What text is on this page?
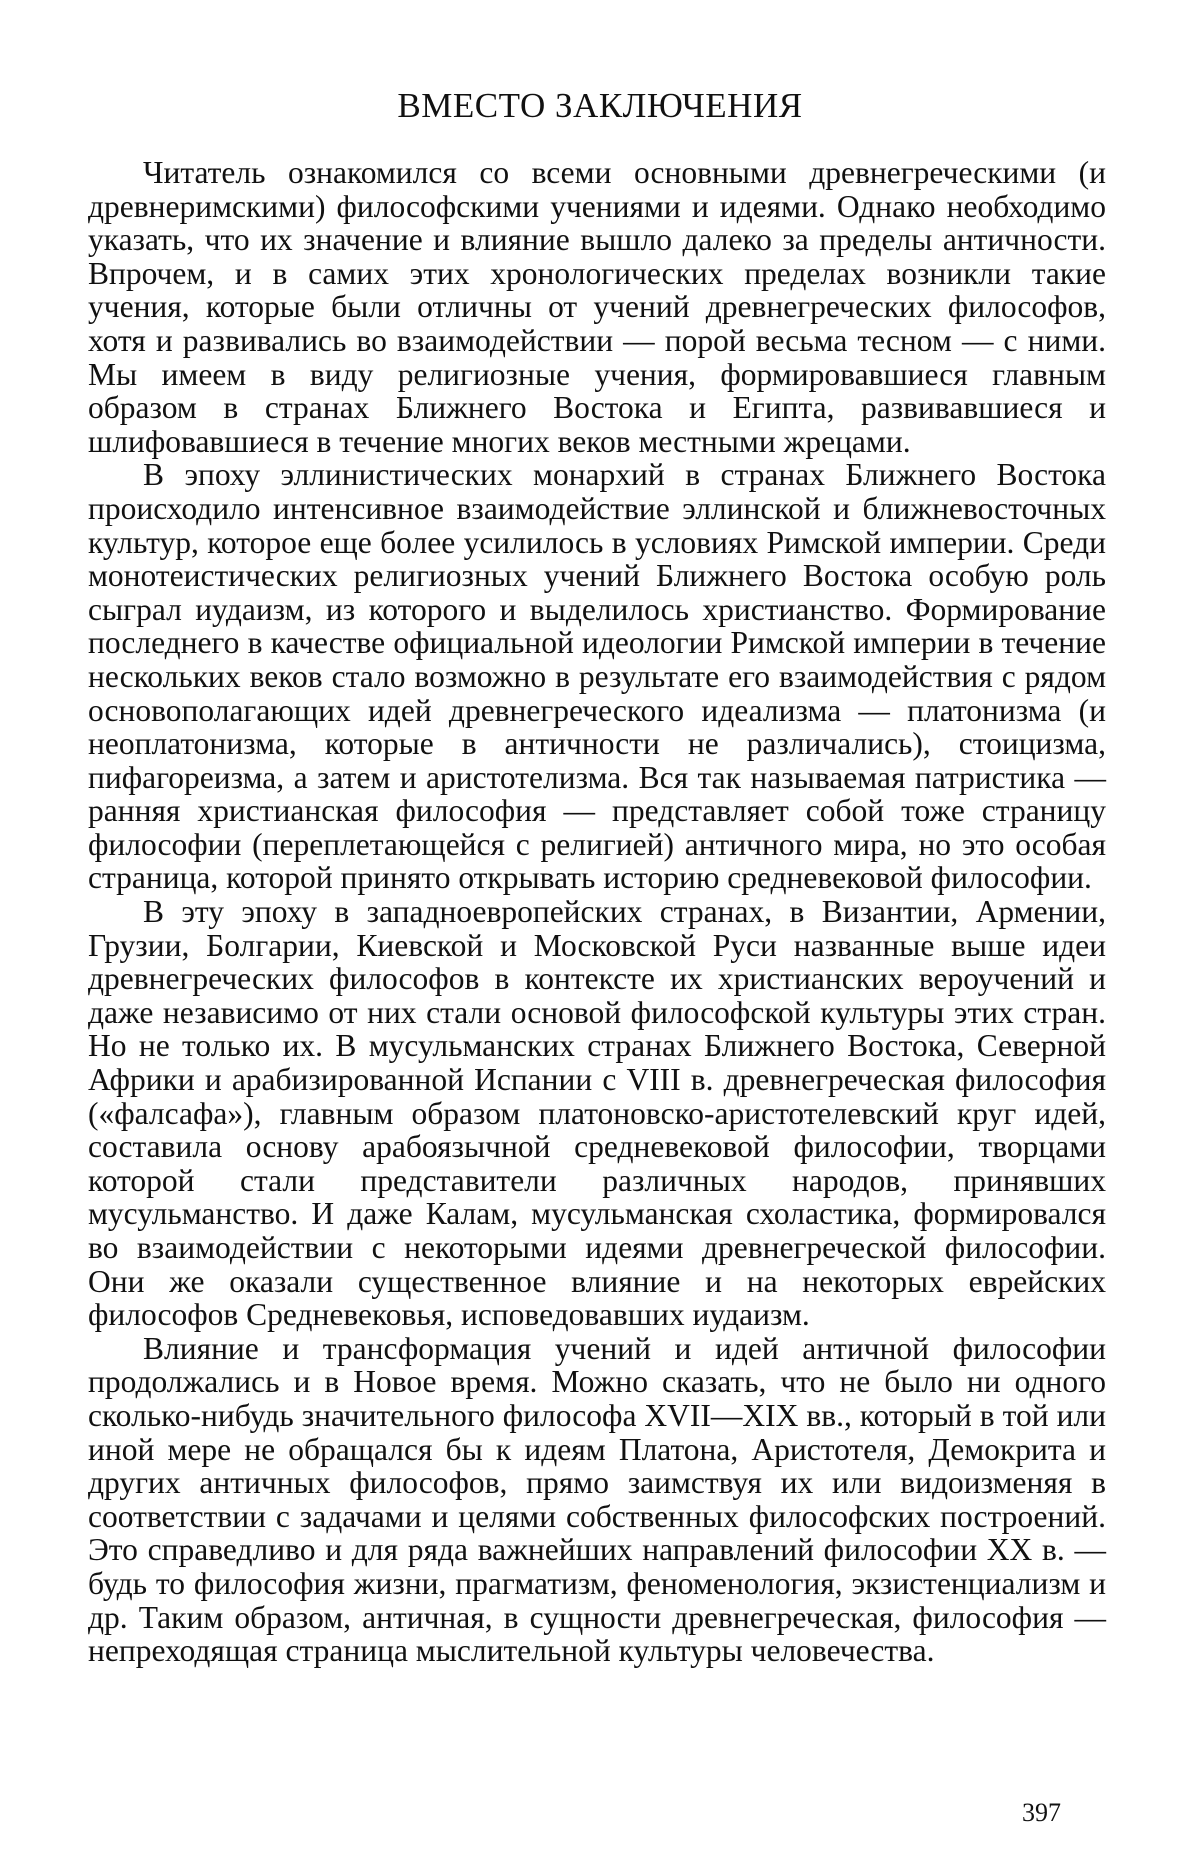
ВМЕСТО ЗАКЛЮЧЕНИЯ

Читатель ознакомился со всеми основными древнегреческими (и древнеримскими) философскими учениями и идеями. Однако необходимо указать, что их значение и влияние вышло далеко за пределы античности. Впрочем, и в самих этих хронологических пределах возникли такие учения, которые были отличны от учений древнегреческих философов, хотя и развивались во взаимодействии — порой весьма тесном — с ними. Мы имеем в виду религиозные учения, формировавшиеся главным образом в странах Ближнего Востока и Египта, развивавшиеся и шлифовавшиеся в течение многих веков местными жрецами.

В эпоху эллинистических монархий в странах Ближнего Востока происходило интенсивное взаимодействие эллинской и ближневосточных культур, которое еще более усилилось в условиях Римской империи. Среди монотеистических религиозных учений Ближнего Востока особую роль сыграл иудаизм, из которого и выделилось христианство. Формирование последнего в качестве официальной идеологии Римской империи в течение нескольких веков стало возможно в результате его взаимодействия с рядом основополагающих идей древнегреческого идеализма — платонизма (и неоплатонизма, которые в античности не различались), стоицизма, пифагореизма, а затем и аристотелизма. Вся так называемая патристика — ранняя христианская философия — представляет собой тоже страницу философии (переплетающейся с религией) античного мира, но это особая страница, которой принято открывать историю средневековой философии.

В эту эпоху в западноевропейских странах, в Византии, Армении, Грузии, Болгарии, Киевской и Московской Руси названные выше идеи древнегреческих философов в контексте их христианских вероучений и даже независимо от них стали основой философской культуры этих стран. Но не только их. В мусульманских странах Ближнего Востока, Северной Африки и арабизированной Испании с VIII в. древнегреческая философия («фалсафа»), главным образом платоновско-аристотелевский круг идей, составила основу арабоязычной средневековой философии, творцами которой стали представители различных народов, принявших мусульманство. И даже Калам, мусульманская схоластика, формировался во взаимодействии с некоторыми идеями древнегреческой философии. Они же оказали существенное влияние и на некоторых еврейских философов Средневековья, исповедовавших иудаизм.

Влияние и трансформация учений и идей античной философии продолжались и в Новое время. Можно сказать, что не было ни одного сколько-нибудь значительного философа XVII—XIX вв., который в той или иной мере не обращался бы к идеям Платона, Аристотеля, Демокрита и других античных философов, прямо заимствуя их или видоизменяя в соответствии с задачами и целями собственных философских построений. Это справедливо и для ряда важнейших направлений философии XX в. — будь то философия жизни, прагматизм, феноменология, экзистенциализм и др. Таким образом, античная, в сущности древнегреческая, философия — непреходящая страница мыслительной культуры человечества.

397
